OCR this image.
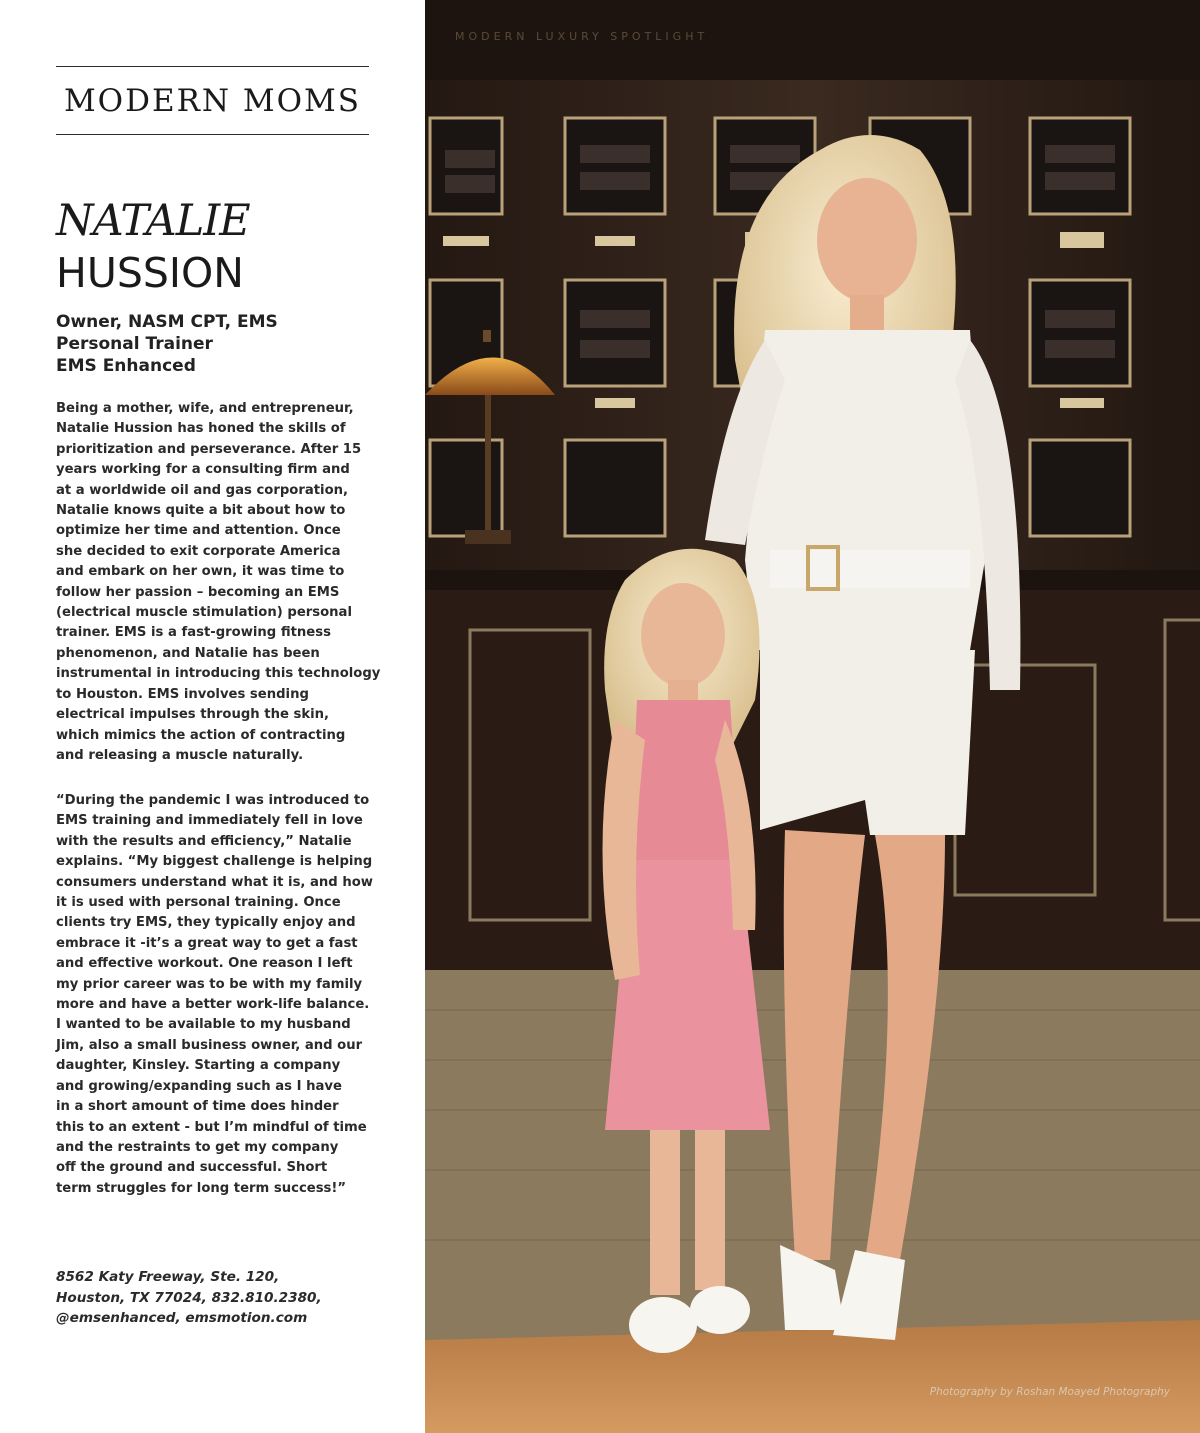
MODERN MOMS
NATALIE
HUSSION
Owner, NASM CPT, EMS
Personal Trainer
EMS Enhanced
Being a mother, wife, and entrepreneur,
Natalie Hussion has honed the skills of
prioritization and perseverance. After 15
years working for a consulting firm and
at a worldwide oil and gas corporation,
Natalie knows quite a bit about how to
optimize her time and attention. Once
she decided to exit corporate America
and embark on her own, it was time to
follow her passion – becoming an EMS
(electrical muscle stimulation) personal
trainer. EMS is a fast-growing fitness
phenomenon, and Natalie has been
instrumental in introducing this technology
to Houston. EMS involves sending
electrical impulses through the skin,
which mimics the action of contracting
and releasing a muscle naturally.
“During the pandemic I was introduced to
EMS training and immediately fell in love
with the results and efficiency,” Natalie
explains. “My biggest challenge is helping
consumers understand what it is, and how
it is used with personal training. Once
clients try EMS, they typically enjoy and
embrace it -it’s a great way to get a fast
and effective workout. One reason I left
my prior career was to be with my family
more and have a better work-life balance.
I wanted to be available to my husband
Jim, also a small business owner, and our
daughter, Kinsley. Starting a company
and growing/expanding such as I have
in a short amount of time does hinder
this to an extent - but I’m mindful of time
and the restraints to get my company
off the ground and successful. Short
term struggles for long term success!”
8562 Katy Freeway, Ste. 120,
Houston, TX 77024, 832.810.2380,
@emsenhanced, emsmotion.com
MODERN LUXURY SPOTLIGHT
Photography by Roshan Moayed Photography
